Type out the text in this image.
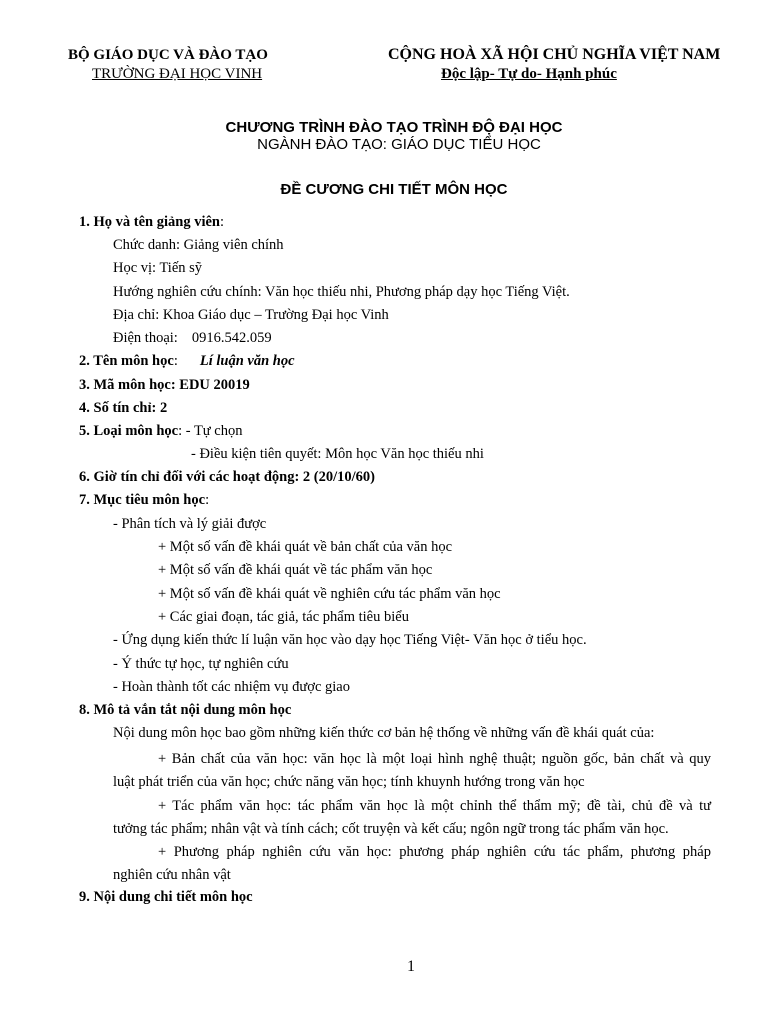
BỘ GIÁO DỤC VÀ ĐÀO TẠO
TRƯỜNG ĐẠI HỌC VINH
CỘNG HOÀ XÃ HỘI CHỦ NGHĨA VIỆT NAM
Độc lập- Tự do- Hạnh phúc
CHƯƠNG TRÌNH ĐÀO TẠO TRÌNH ĐỘ ĐẠI HỌC
NGÀNH ĐÀO TẠO: GIÁO DỤC TIỂU HỌC
ĐỀ CƯƠNG CHI TIẾT MÔN HỌC
1. Họ và tên giảng viên:
Chức danh: Giảng viên chính
Học vị: Tiến sỹ
Hướng nghiên cứu chính: Văn học thiếu nhi, Phương pháp dạy học Tiếng Việt.
Địa chỉ: Khoa Giáo dục – Trường Đại học Vinh
Điện thoại: 0916.542.059
2. Tên môn học: Lí luận văn học
3. Mã môn học: EDU 20019
4. Số tín chỉ: 2
5. Loại môn học: - Tự chọn
- Điều kiện tiên quyết: Môn học Văn học thiếu nhi
6. Giờ tín chỉ đối với các hoạt động: 2 (20/10/60)
7. Mục tiêu môn học:
- Phân tích và lý giải được
+ Một số vấn đề khái quát về bản chất của văn học
+ Một số vấn đề khái quát về tác phẩm văn học
+ Một số vấn đề khái quát về nghiên cứu tác phẩm văn học
+ Các giai đoạn, tác giả, tác phẩm tiêu biểu
- Ứng dụng kiến thức lí luận văn học vào dạy học Tiếng Việt- Văn học ở tiểu học.
- Ý thức tự học, tự nghiên cứu
- Hoàn thành tốt các nhiệm vụ được giao
8. Mô tả vắn tắt nội dung môn học
Nội dung môn học bao gồm những kiến thức cơ bản hệ thống về những vấn đề khái quát của:
+ Bản chất của văn học: văn học là một loại hình nghệ thuật; nguồn gốc, bản chất và quy
luật phát triển của văn học; chức năng văn học; tính khuynh hướng trong văn học
+ Tác phẩm văn học: tác phẩm văn học là một chỉnh thể thẩm mỹ; đề tài, chủ đề và tư
tưởng tác phẩm; nhân vật và tính cách; cốt truyện và kết cấu; ngôn ngữ trong tác phẩm văn học.
+ Phương pháp nghiên cứu văn học: phương pháp nghiên cứu tác phẩm, phương pháp
nghiên cứu nhân vật
9. Nội dung chi tiết môn học
1
